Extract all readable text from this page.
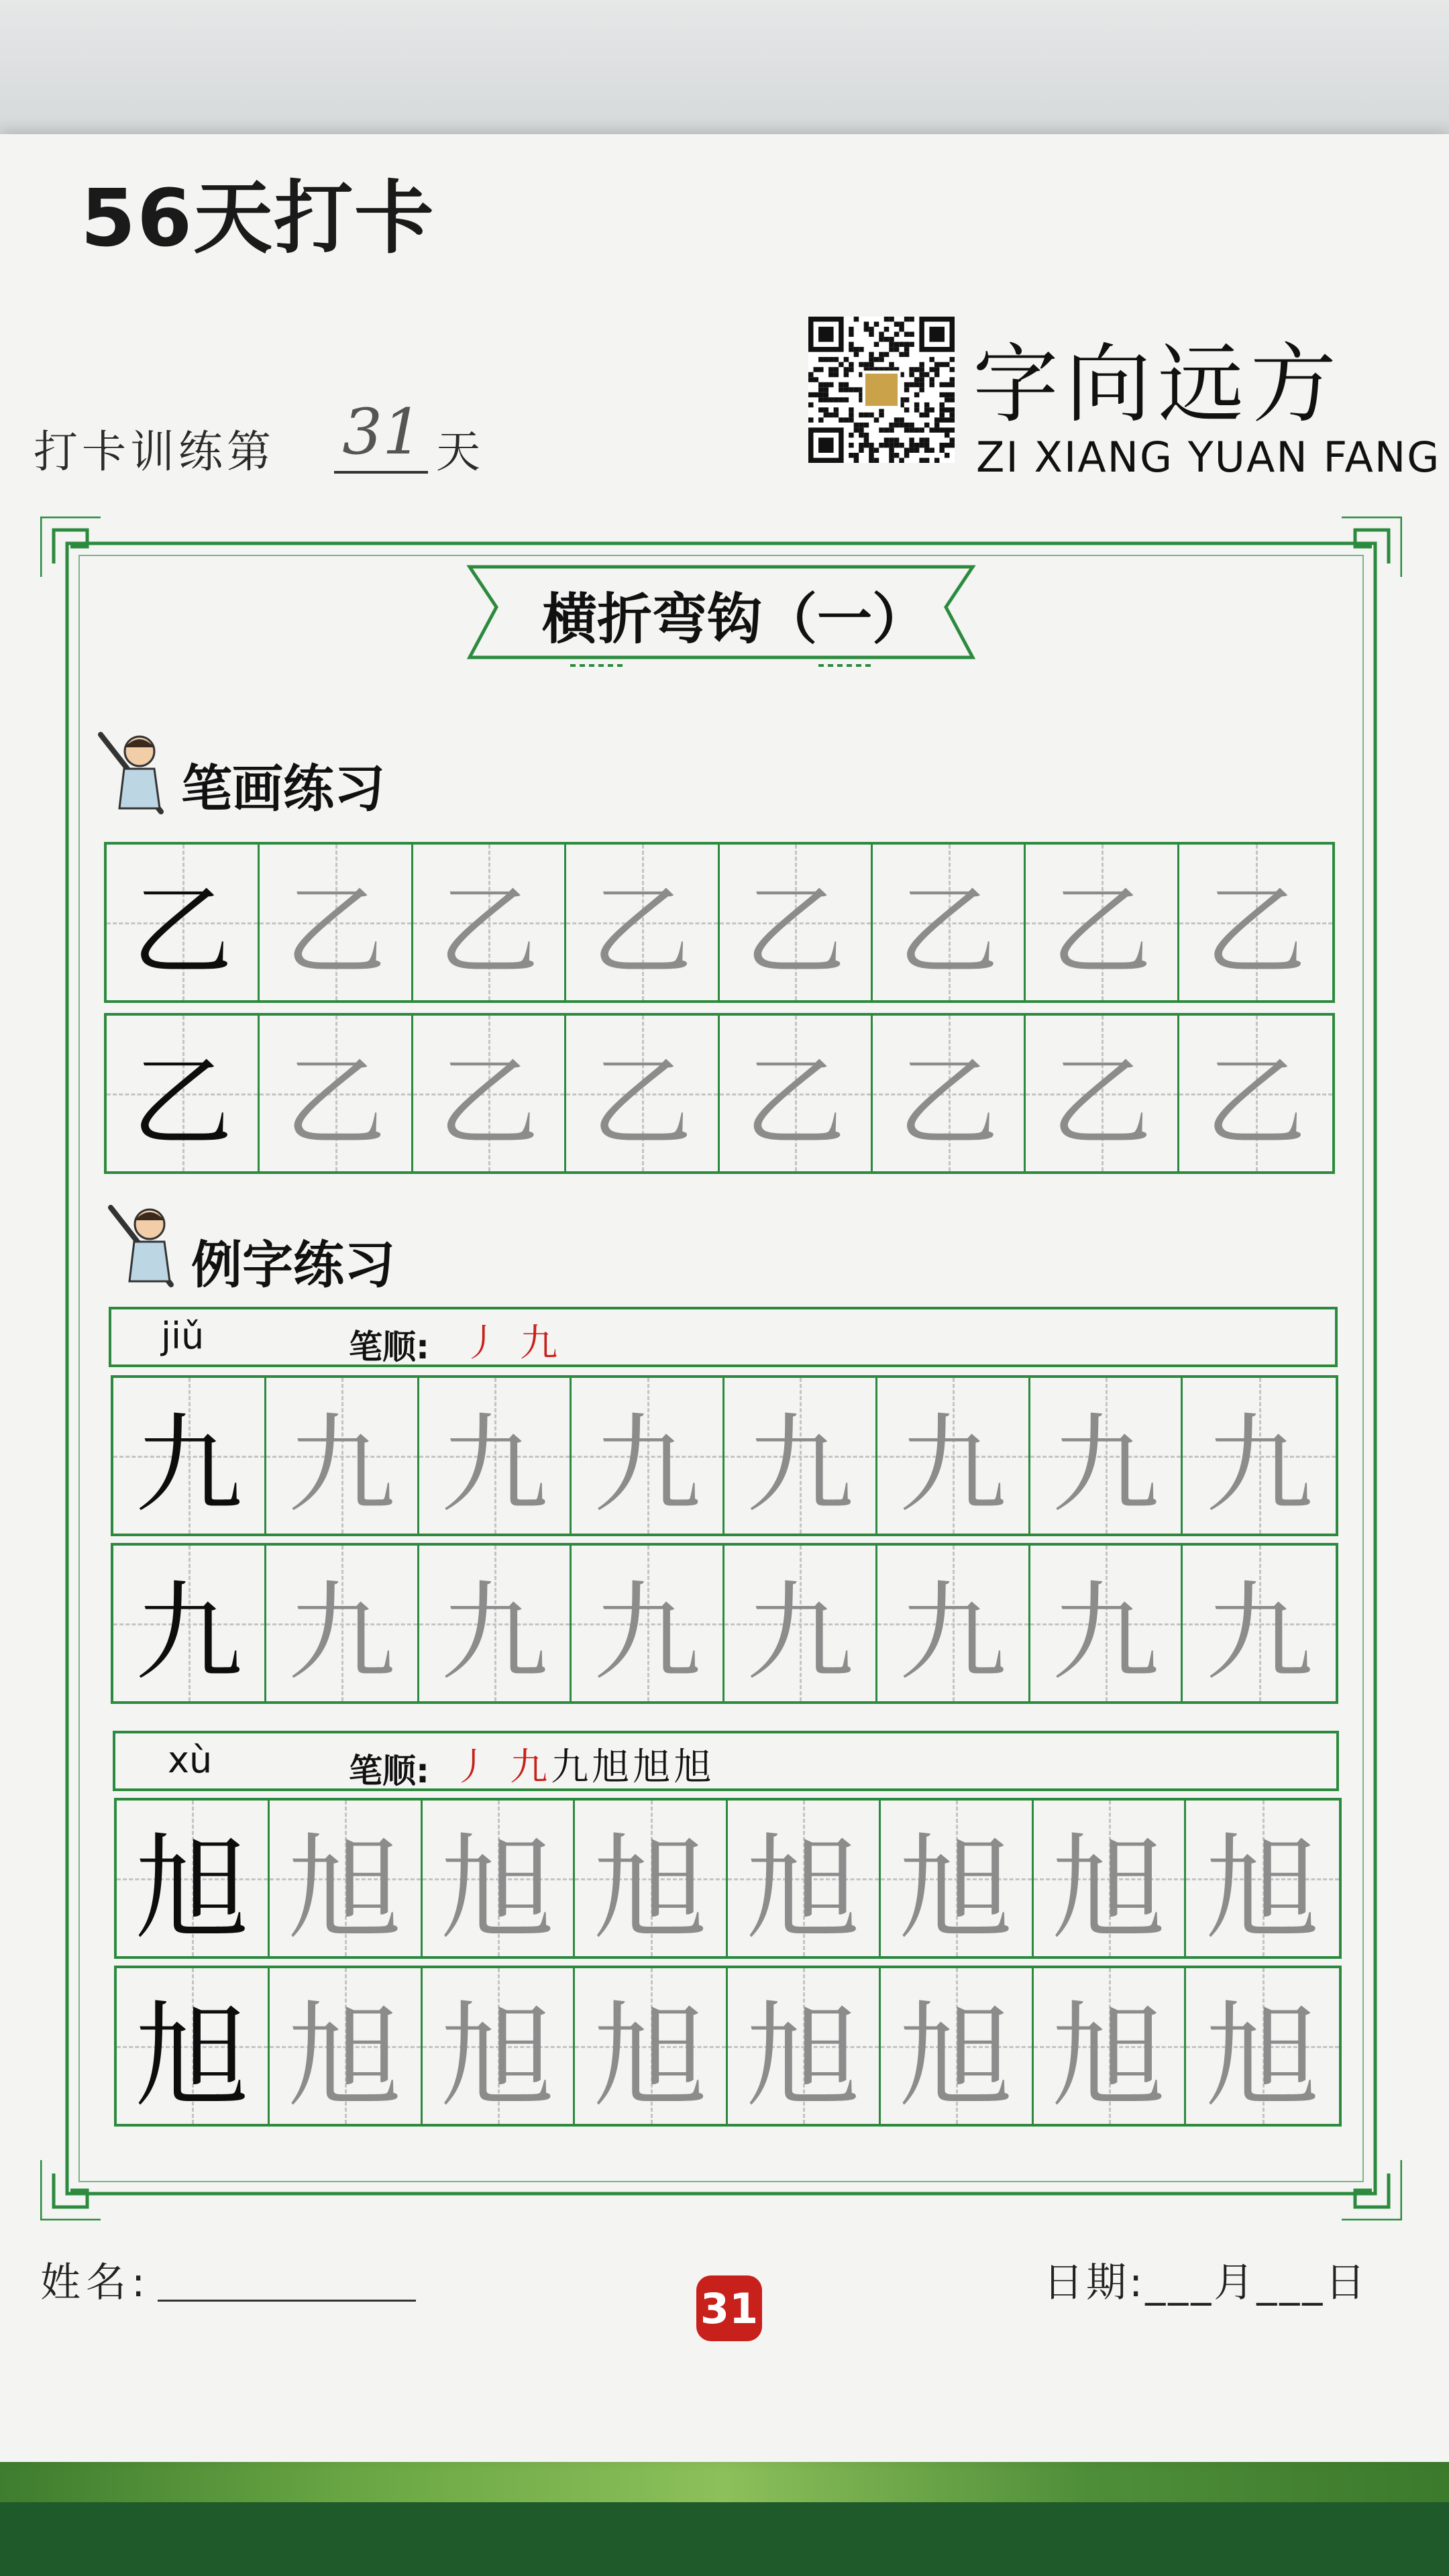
56天打卡
打卡训练第 31 天
字向远方
ZI XIANG YUAN FANG
横折弯钩（一）
笔画练习
乙 乙 乙 乙 乙 乙 乙 乙
乙 乙 乙 乙 乙 乙 乙 乙
例字练习
jiǔ	笔顺: 丿 九
九 九 九 九 九 九 九 九
九 九 九 九 九 九 九 九
xù	笔顺: 丿 九 九 旭 旭 旭
旭 旭 旭 旭 旭 旭 旭 旭
旭 旭 旭 旭 旭 旭 旭 旭
姓名:
31
日期:___月___日
